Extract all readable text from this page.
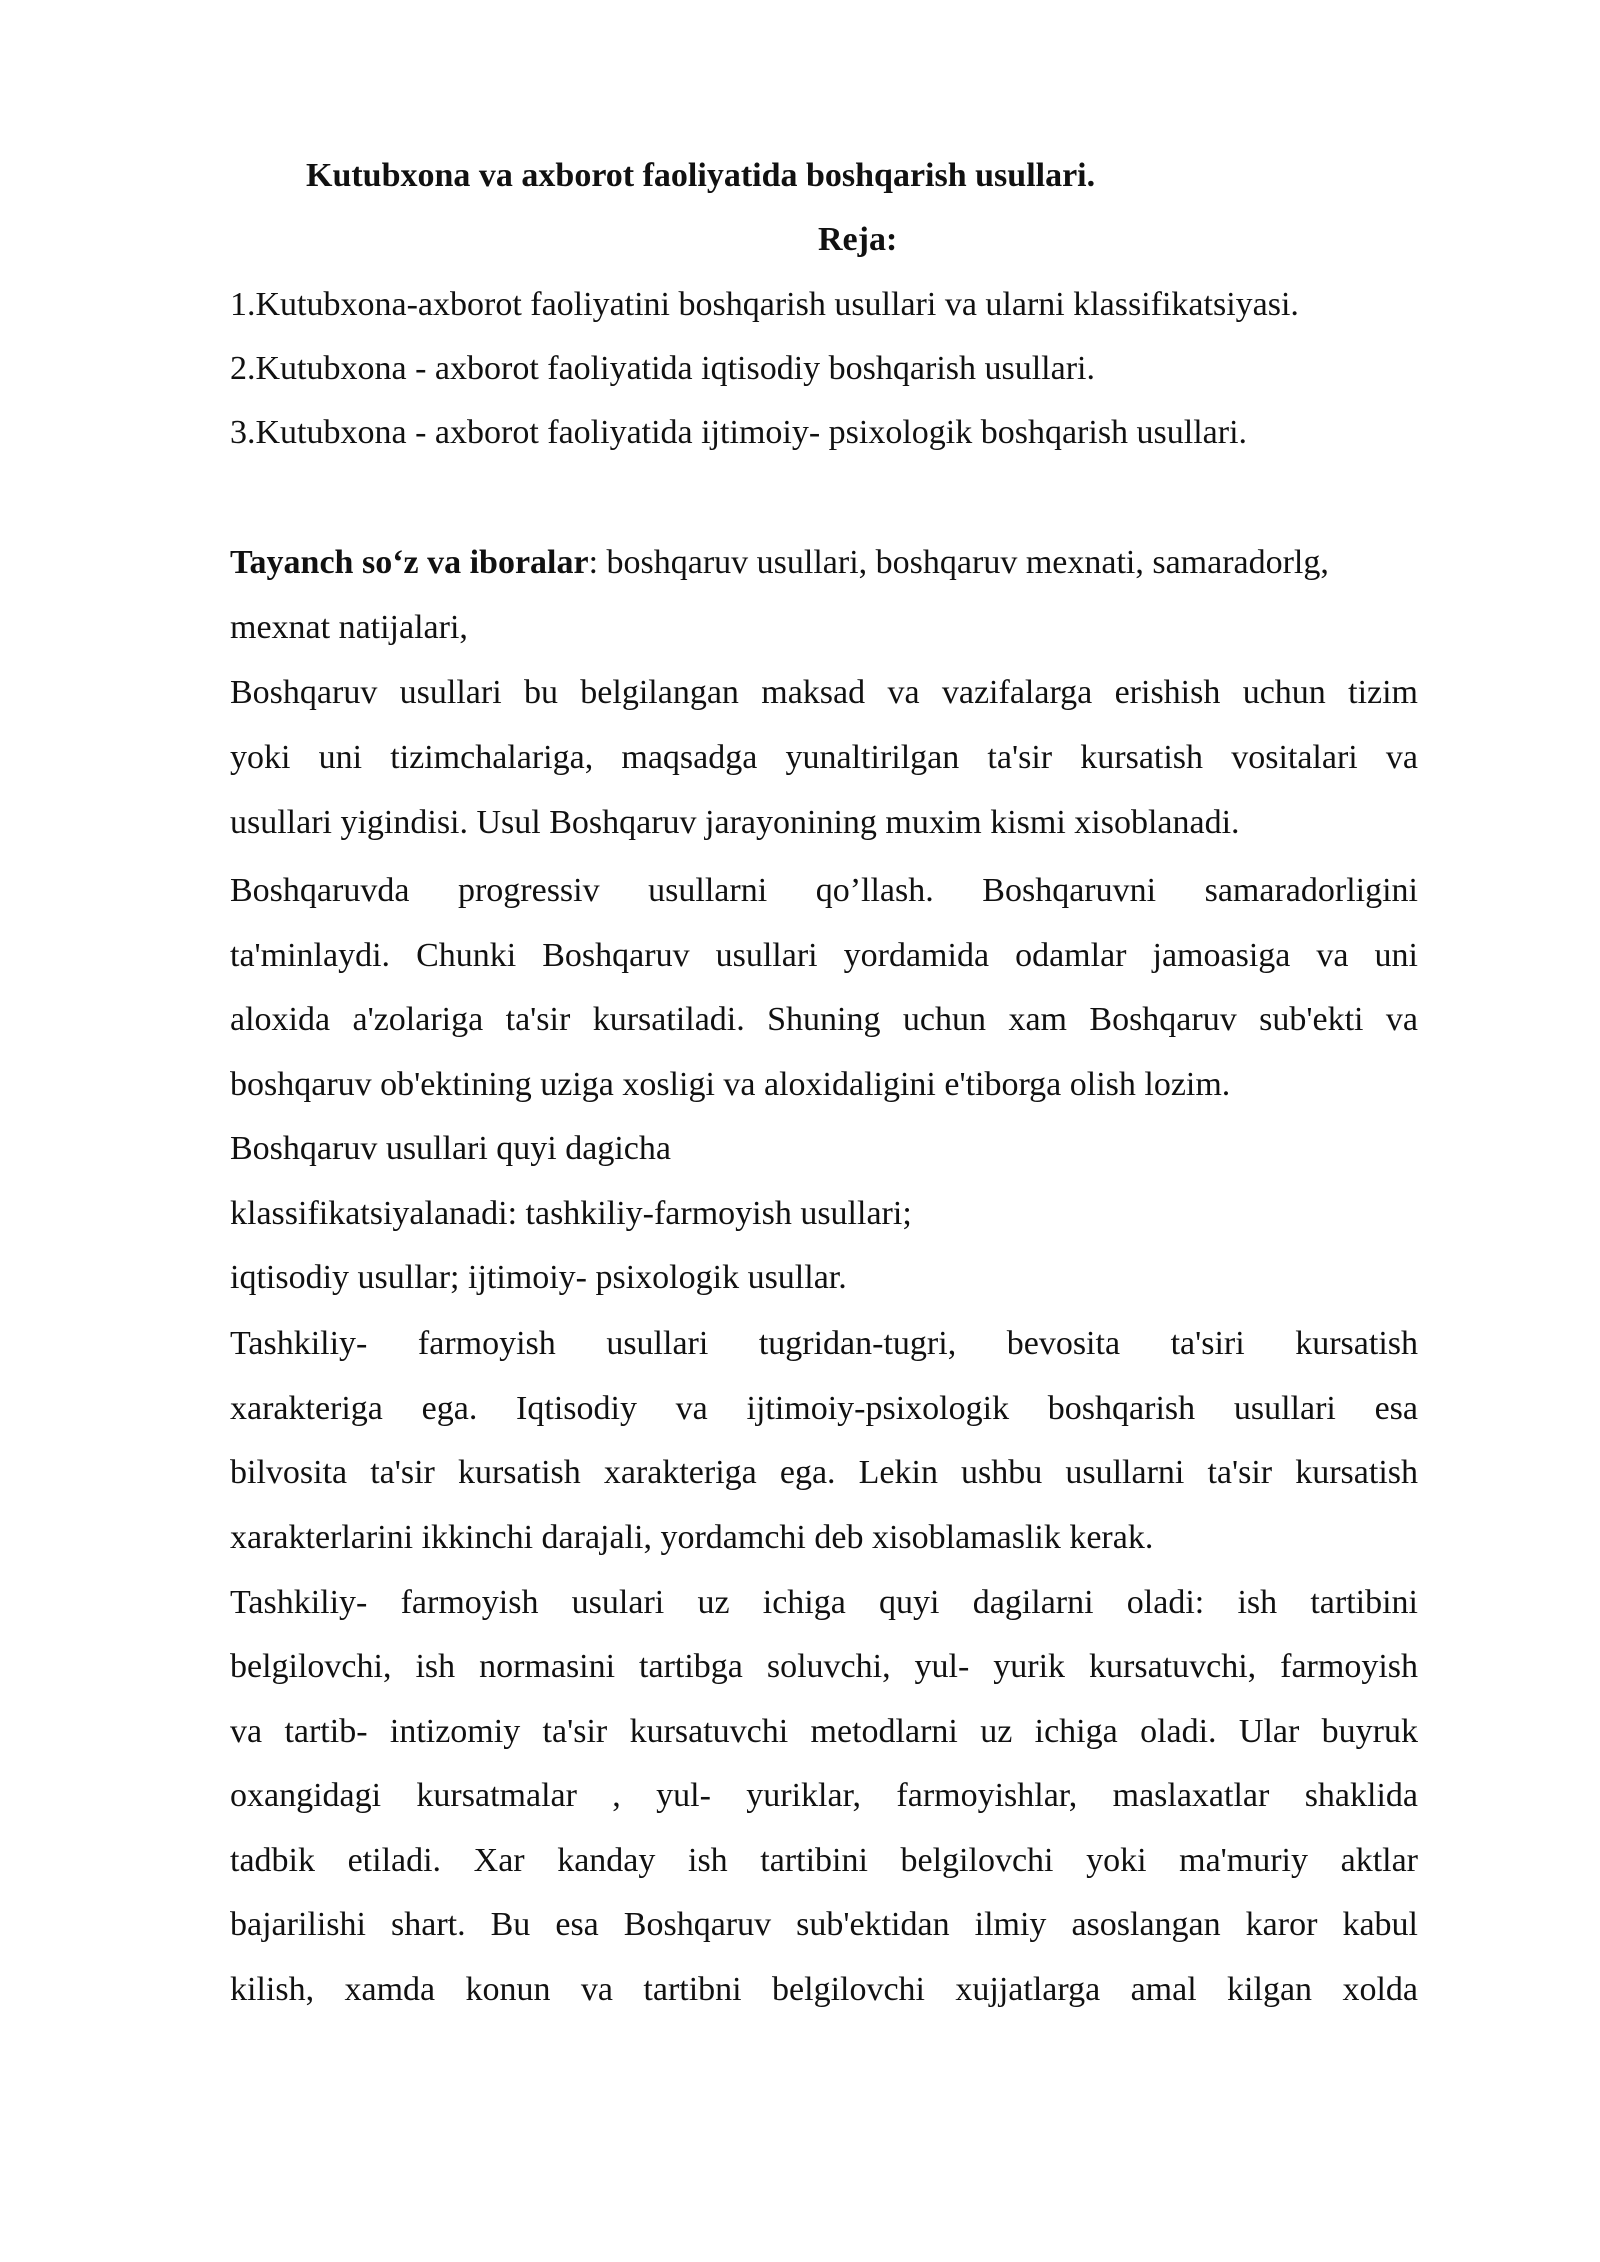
Kutubxona va axborot faoliyatida boshqarish usullari.
Reja:
1.Kutubxona-axborot faoliyatini boshqarish usullari va ularni klassifikatsiyasi.
2.Kutubxona - axborot faoliyatida iqtisodiy boshqarish usullari.
3.Kutubxona - axborot faoliyatida ijtimoiy- psixologik boshqarish usullari.
Tayanch so‘z va iboralar: boshqaruv usullari, boshqaruv mexnati, samaradorlg,
mexnat natijalari,
Boshqaruv usullari bu belgilangan maksad va vazifalarga erishish uchun tizim
yoki uni tizimchalariga, maqsadga yunaltirilgan ta'sir kursatish vositalari va
usullari yigindisi. Usul Boshqaruv jarayonining muxim kismi xisoblanadi.
Boshqaruvda progressiv usullarni qo’llash. Boshqaruvni samaradorligini
ta'minlaydi. Chunki Boshqaruv usullari yordamida odamlar jamoasiga va uni
aloxida a'zolariga ta'sir kursatiladi. Shuning uchun xam Boshqaruv sub'ekti va
boshqaruv ob'ektining uziga xosligi va aloxidaligini e'tiborga olish lozim.
Boshqaruv usullari quyi dagicha
klassifikatsiyalanadi: tashkiliy-farmoyish usullari;
iqtisodiy usullar; ijtimoiy- psixologik usullar.
Tashkiliy- farmoyish usullari tugridan-tugri, bevosita ta'siri kursatish
xarakteriga ega. Iqtisodiy va ijtimoiy-psixologik boshqarish usullari esa
bilvosita ta'sir kursatish xarakteriga ega. Lekin ushbu usullarni ta'sir kursatish
xarakterlarini ikkinchi darajali, yordamchi deb xisoblamaslik kerak.
Tashkiliy- farmoyish usulari uz ichiga quyi dagilarni oladi: ish tartibini
belgilovchi, ish normasini tartibga soluvchi, yul- yurik kursatuvchi, farmoyish
va tartib- intizomiy ta'sir kursatuvchi metodlarni uz ichiga oladi. Ular buyruk
oxangidagi kursatmalar , yul- yuriklar, farmoyishlar, maslaxatlar shaklida
tadbik etiladi. Xar kanday ish tartibini belgilovchi yoki ma'muriy aktlar
bajarilishi shart. Bu esa Boshqaruv sub'ektidan ilmiy asoslangan karor kabul
kilish, xamda konun va tartibni belgilovchi xujjatlarga amal kilgan xolda
